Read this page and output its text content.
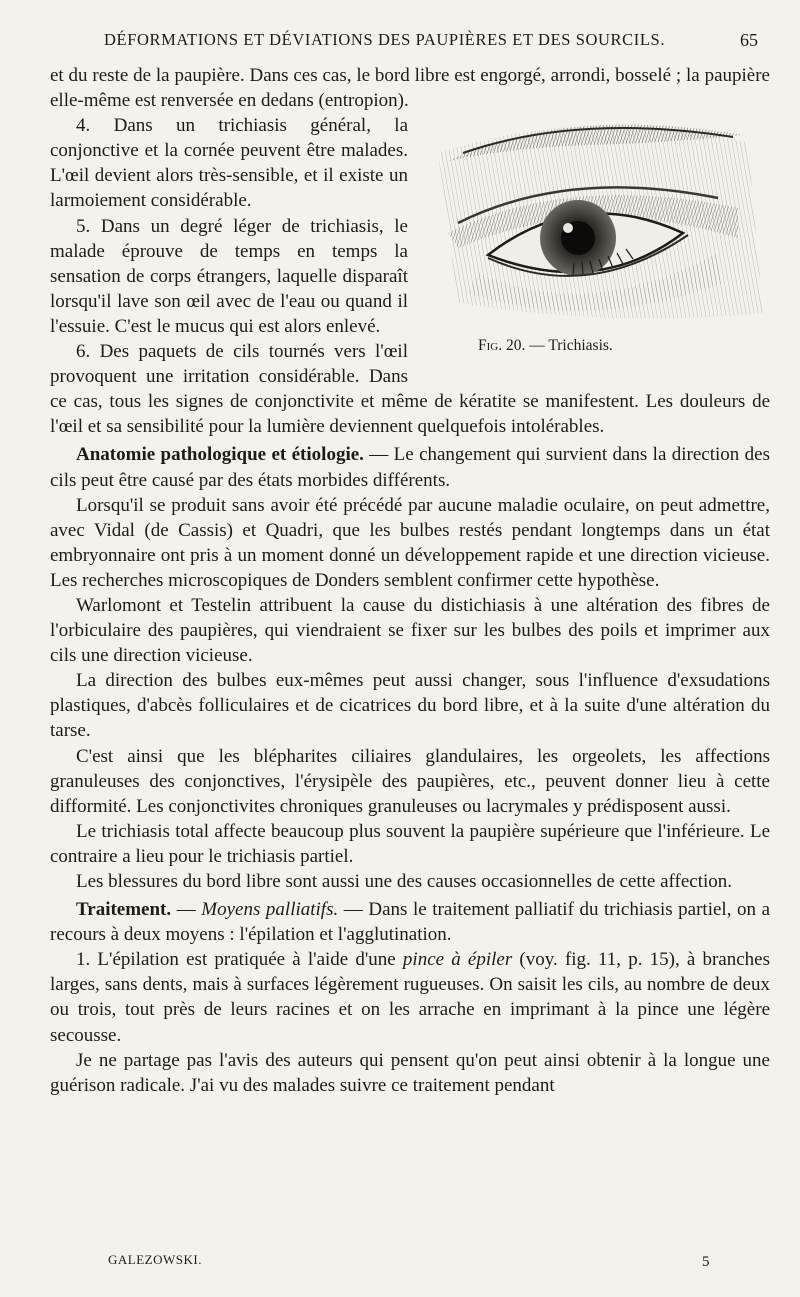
DÉFORMATIONS ET DÉVIATIONS DES PAUPIÈRES ET DES SOURCILS.	65

et du reste de la paupière. Dans ces cas, le bord libre est engorgé, arrondi, bosselé ; la paupière elle-même est renversée en dedans (entropion).

Fig. 20. — Trichiasis.

4. Dans un trichiasis général, la conjonctive et la cornée peuvent être malades. L'œil devient alors très-sensible, et il existe un larmoiement considérable.

5. Dans un degré léger de trichiasis, le malade éprouve de temps en temps la sensation de corps étrangers, laquelle disparaît lorsqu'il lave son œil avec de l'eau ou quand il l'essuie. C'est le mucus qui est alors enlevé.

6. Des paquets de cils tournés vers l'œil provoquent une irritation considérable. Dans ce cas, tous les signes de conjonctivite et même de kératite se manifestent. Les douleurs de l'œil et sa sensibilité pour la lumière deviennent quelquefois intolérables.

Anatomie pathologique et étiologie. — Le changement qui survient dans la direction des cils peut être causé par des états morbides différents.

Lorsqu'il se produit sans avoir été précédé par aucune maladie oculaire, on peut admettre, avec Vidal (de Cassis) et Quadri, que les bulbes restés pendant longtemps dans un état embryonnaire ont pris à un moment donné un développement rapide et une direction vicieuse. Les recherches microscopiques de Donders semblent confirmer cette hypothèse.

Warlomont et Testelin attribuent la cause du distichiasis à une altération des fibres de l'orbiculaire des paupières, qui viendraient se fixer sur les bulbes des poils et imprimer aux cils une direction vicieuse.

La direction des bulbes eux-mêmes peut aussi changer, sous l'influence d'exsudations plastiques, d'abcès folliculaires et de cicatrices du bord libre, et à la suite d'une altération du tarse.

C'est ainsi que les blépharites ciliaires glandulaires, les orgeolets, les affections granuleuses des conjonctives, l'érysipèle des paupières, etc., peuvent donner lieu à cette difformité. Les conjonctivites chroniques granuleuses ou lacrymales y prédisposent aussi.

Le trichiasis total affecte beaucoup plus souvent la paupière supérieure que l'inférieure. Le contraire a lieu pour le trichiasis partiel.

Les blessures du bord libre sont aussi une des causes occasionnelles de cette affection.

Traitement. — Moyens palliatifs. — Dans le traitement palliatif du trichiasis partiel, on a recours à deux moyens : l'épilation et l'agglutination.

1. L'épilation est pratiquée à l'aide d'une pince à épiler (voy. fig. 11, p. 15), à branches larges, sans dents, mais à surfaces légèrement rugueuses. On saisit les cils, au nombre de deux ou trois, tout près de leurs racines et on les arrache en imprimant à la pince une légère secousse.

Je ne partage pas l'avis des auteurs qui pensent qu'on peut ainsi obtenir à la longue une guérison radicale. J'ai vu des malades suivre ce traitement pendant

GALEZOWSKI.	5
